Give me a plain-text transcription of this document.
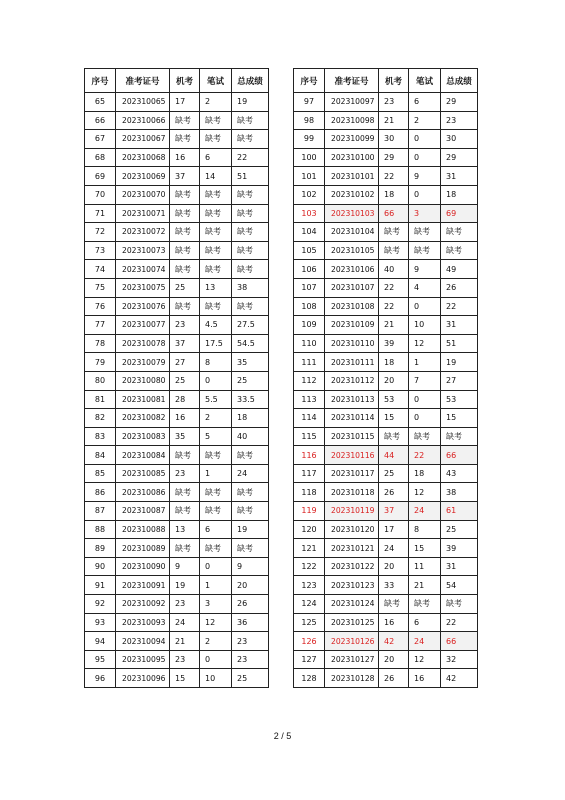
序号	准考证号	机考	笔试	总成绩
65	202310065	17	2	19
66	202310066	缺考	缺考	缺考
67	202310067	缺考	缺考	缺考
68	202310068	16	6	22
69	202310069	37	14	51
70	202310070	缺考	缺考	缺考
71	202310071	缺考	缺考	缺考
72	202310072	缺考	缺考	缺考
73	202310073	缺考	缺考	缺考
74	202310074	缺考	缺考	缺考
75	202310075	25	13	38
76	202310076	缺考	缺考	缺考
77	202310077	23	4.5	27.5
78	202310078	37	17.5	54.5
79	202310079	27	8	35
80	202310080	25	0	25
81	202310081	28	5.5	33.5
82	202310082	16	2	18
83	202310083	35	5	40
84	202310084	缺考	缺考	缺考
85	202310085	23	1	24
86	202310086	缺考	缺考	缺考
87	202310087	缺考	缺考	缺考
88	202310088	13	6	19
89	202310089	缺考	缺考	缺考
90	202310090	9	0	9
91	202310091	19	1	20
92	202310092	23	3	26
93	202310093	24	12	36
94	202310094	21	2	23
95	202310095	23	0	23
96	202310096	15	10	25
序号	准考证号	机考	笔试	总成绩
97	202310097	23	6	29
98	202310098	21	2	23
99	202310099	30	0	30
100	202310100	29	0	29
101	202310101	22	9	31
102	202310102	18	0	18
103	202310103	66	3	69
104	202310104	缺考	缺考	缺考
105	202310105	缺考	缺考	缺考
106	202310106	40	9	49
107	202310107	22	4	26
108	202310108	22	0	22
109	202310109	21	10	31
110	202310110	39	12	51
111	202310111	18	1	19
112	202310112	20	7	27
113	202310113	53	0	53
114	202310114	15	0	15
115	202310115	缺考	缺考	缺考
116	202310116	44	22	66
117	202310117	25	18	43
118	202310118	26	12	38
119	202310119	37	24	61
120	202310120	17	8	25
121	202310121	24	15	39
122	202310122	20	11	31
123	202310123	33	21	54
124	202310124	缺考	缺考	缺考
125	202310125	16	6	22
126	202310126	42	24	66
127	202310127	20	12	32
128	202310128	26	16	42
2 / 5
